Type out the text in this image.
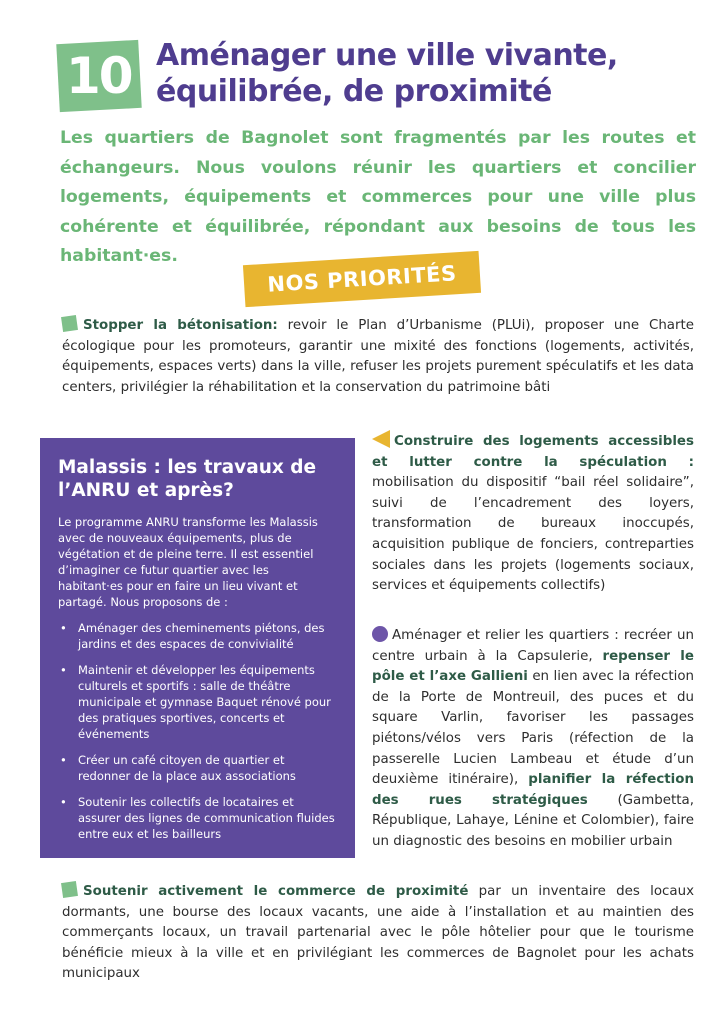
10 Aménager une ville vivante,
équilibrée, de proximité
Les quartiers de Bagnolet sont fragmentés par les routes et échangeurs. Nous voulons réunir les quartiers et concilier logements, équipements et commerces pour une ville plus cohérente et équilibrée, répondant aux besoins de tous les habitant·es.
NOS PRIORITÉS
Stopper la bétonisation: revoir le Plan d’Urbanisme (PLUi), proposer une Charte écologique pour les promoteurs, garantir une mixité des fonctions (logements, activités, équipements, espaces verts) dans la ville, refuser les projets purement spéculatifs et les data centers, privilégier la réhabilitation et la conservation du patrimoine bâti
Malassis : les travaux de l’ANRU et après?
Le programme ANRU transforme les Malassis avec de nouveaux équipements, plus de végétation et de pleine terre. Il est essentiel d’imaginer ce futur quartier avec les habitant·es pour en faire un lieu vivant et partagé. Nous proposons de :
• Aménager des cheminements piétons, des jardins et des espaces de convivialité
• Maintenir et développer les équipements culturels et sportifs : salle de théâtre municipale et gymnase Baquet rénové pour des pratiques sportives, concerts et événements
• Créer un café citoyen de quartier et redonner de la place aux associations
• Soutenir les collectifs de locataires et assurer des lignes de communication fluides entre eux et les bailleurs
Construire des logements accessibles et lutter contre la spéculation : mobilisation du dispositif “bail réel solidaire”, suivi de l’encadrement des loyers, transformation de bureaux inoccupés, acquisition publique de fonciers, contreparties sociales dans les projets (logements sociaux, services et équipements collectifs)
Aménager et relier les quartiers : recréer un centre urbain à la Capsulerie, repenser le pôle et l’axe Gallieni en lien avec la réfection de la Porte de Montreuil, des puces et du square Varlin, favoriser les passages piétons/vélos vers Paris (réfection de la passerelle Lucien Lambeau et étude d’un deuxième itinéraire), planifier la réfection des rues stratégiques (Gambetta, République, Lahaye, Lénine et Colombier), faire un diagnostic des besoins en mobilier urbain
Soutenir activement le commerce de proximité par un inventaire des locaux dormants, une bourse des locaux vacants, une aide à l’installation et au maintien des commerçants locaux, un travail partenarial avec le pôle hôtelier pour que le tourisme bénéficie mieux à la ville et en privilégiant les commerces de Bagnolet pour les achats municipaux
